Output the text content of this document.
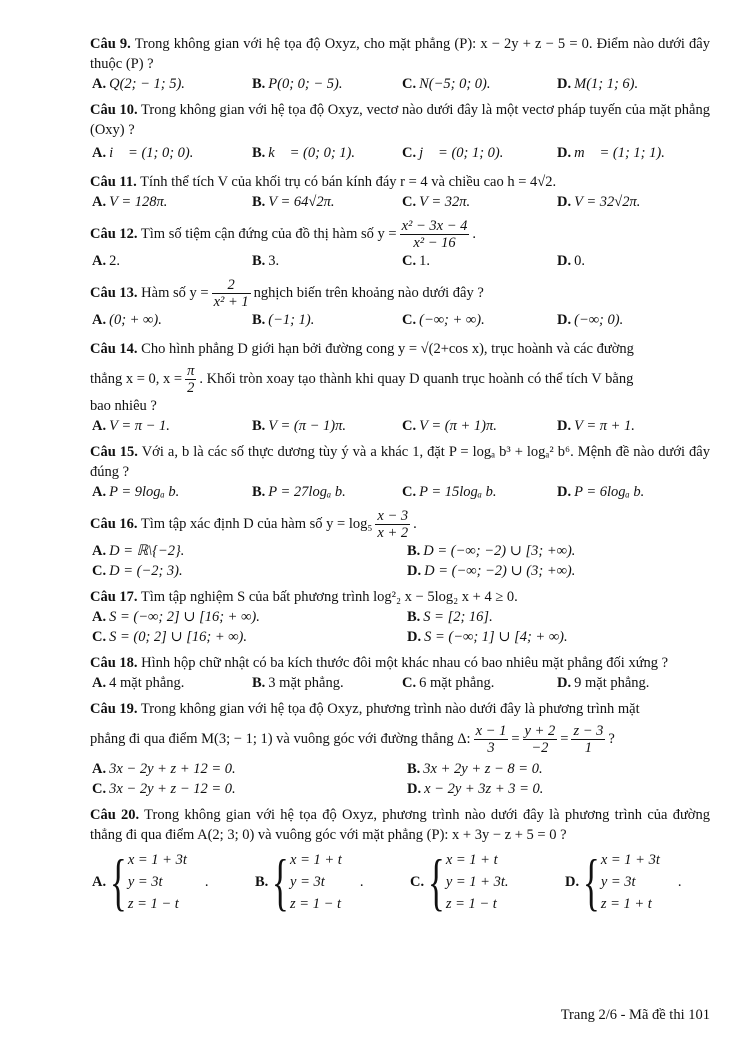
Câu 9. Trong không gian với hệ tọa độ Oxyz, cho mặt phẳng (P): x − 2y + z − 5 = 0. Điểm nào dưới đây thuộc (P) ?
A. Q(2; − 1; 5).	B. P(0; 0; − 5).	C. N(−5; 0; 0).	D. M(1; 1; 6).
Câu 10. Trong không gian với hệ tọa độ Oxyz, vectơ nào dưới đây là một vectơ pháp tuyến của mặt phẳng (Oxy) ?
A. i⃗ = (1; 0; 0).	B. k⃗ = (0; 0; 1).	C. j⃗ = (0; 1; 0).	D. m⃗ = (1; 1; 1).
Câu 11. Tính thể tích V của khối trụ có bán kính đáy r = 4 và chiều cao h = 4√2.
A. V = 128π.	B. V = 64√2π.	C. V = 32π.	D. V = 32√2π.
Câu 12. Tìm số tiệm cận đứng của đồ thị hàm số $y = \frac{\text{x² − 3x − 4}}{\text{x² − 16}}$ .
A. 2.	B. 3.	C. 1.	D. 0.
Câu 13. Hàm số $y = \frac{2}{\text{x² + 1}}$ nghịch biến trên khoảng nào dưới đây ?
A. (0; + ∞).	B. (−1; 1).	C. (−∞; + ∞).	D. (−∞; 0).
Câu 14. Cho hình phẳng D giới hạn bởi đường cong y = √(2+cos x), trục hoành và các đường
thẳng x = 0, $x = \frac{\pi}{2}$ . Khối tròn xoay tạo thành khi quay D quanh trục hoành có thể tích V bằng
bao nhiêu ?
A. V = π − 1.	B. V = (π − 1)π.	C. V = (π + 1)π.	D. V = π + 1.
Câu 15. Với a, b là các số thực dương tùy ý và a khác 1, đặt P = logₐ b³ + logₐ² b⁶. Mệnh đề nào dưới đây đúng ?
A. P = 9logₐ b.	B. P = 27logₐ b.	C. P = 15logₐ b.	D. P = 6logₐ b.
Câu 16. Tìm tập xác định D của hàm số $y = \log_5 \frac{x - 3}{x + 2}$ .
A. D = ℝ\{−2}.	B. D = (−∞; −2) ∪ [3; +∞).
C. D = (−2; 3).	D. D = (−∞; −2) ∪ (3; +∞).
Câu 17. Tìm tập nghiệm S của bất phương trình log²₂ x − 5log₂ x + 4 ≥ 0.
A. S = (−∞; 2] ∪ [16; + ∞).	B. S = [2; 16].
C. S = (0; 2] ∪ [16; + ∞).	D. S = (−∞; 1] ∪ [4; + ∞).
Câu 18. Hình hộp chữ nhật có ba kích thước đôi một khác nhau có bao nhiêu mặt phẳng đối xứng ?
A. 4 mặt phẳng.	B. 3 mặt phẳng.	C. 6 mặt phẳng.	D. 9 mặt phẳng.
Câu 19. Trong không gian với hệ tọa độ Oxyz, phương trình nào dưới đây là phương trình mặt
phẳng đi qua điểm M(3; − 1; 1) và vuông góc với đường thẳng Δ: $\frac{x - 1}{3} = \frac{y + 2}{-2} = \frac{z - 3}{1}$ ?
A. 3x − 2y + z + 12 = 0.	B. 3x + 2y + z − 8 = 0.
C. 3x − 2y + z − 12 = 0.	D. x − 2y + 3z + 3 = 0.
Câu 20. Trong không gian với hệ tọa độ Oxyz, phương trình nào dưới đây là phương trình của đường thẳng đi qua điểm A(2; 3; 0) và vuông góc với mặt phẳng (P): x + 3y − z + 5 = 0 ?
A. { x = 1 + 3t
y = 3t
z = 1 − t
.	B. { x = 1 + t
y = 3t
z = 1 − t
.	C. { x = 1 + t
y = 1 + 3t.
z = 1 − t
D. { x = 1 + 3t
y = 3t
z = 1 + t
.
Trang 2/6 - Mã đề thi 101
